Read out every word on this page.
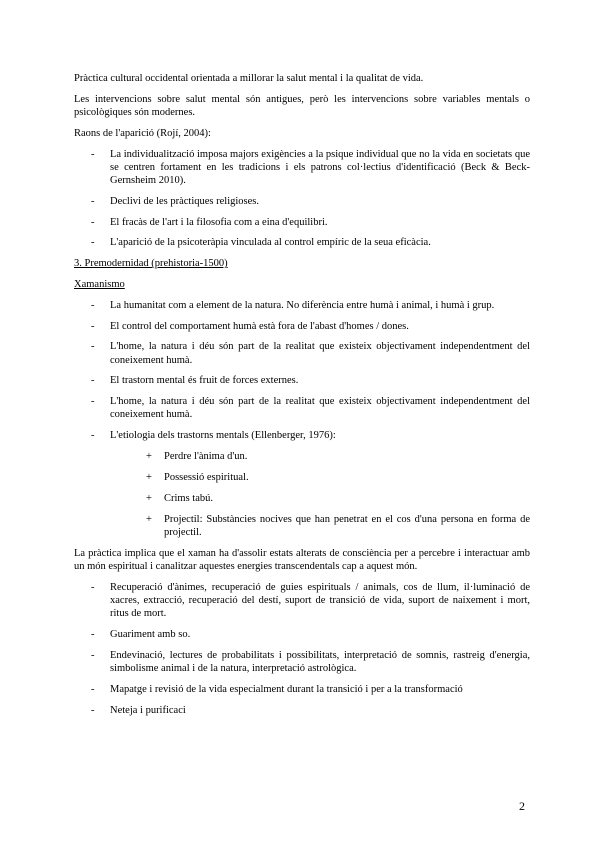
Pràctica cultural occidental orientada a millorar la salut mental i la qualitat de vida.

Les intervencions sobre salut mental són antigues, però les intervencions sobre variables mentals o psicològiques són modernes.

Raons de l'aparició (Rojí, 2004):

- La individualització imposa majors exigències a la psique individual que no la vida en societats que se centren fortament en les tradicions i els patrons col·lectius d'identificació (Beck & Beck-Gernsheim 2010).
- Declivi de les pràctiques religioses.
- El fracàs de l'art i la filosofia com a eina d'equilibri.
- L'aparició de la psicoteràpia vinculada al control empíric de la seua eficàcia.

3. Premodernidad (prehistoria-1500)

Xamanismo

- La humanitat com a element de la natura. No diferència entre humà i animal, i humà i grup.
- El control del comportament humà està fora de l'abast d'homes / dones.
- L'home, la natura i déu són part de la realitat que existeix objectivament independentment del coneixement humà.
- El trastorn mental és fruit de forces externes.
- L'home, la natura i déu són part de la realitat que existeix objectivament independentment del coneixement humà.
- L'etiologia dels trastorns mentals (Ellenberger, 1976):
+ Perdre l'ànima d'un.
+ Possessió espiritual.
+ Crims tabú.
+ Projectil: Substàncies nocives que han penetrat en el cos d'una persona en forma de projectil.

La pràctica implica que el xaman ha d'assolir estats alterats de consciència per a percebre i interactuar amb un món espiritual i canalitzar aquestes energies transcendentals cap a aquest món.

- Recuperació d'ànimes, recuperació de guies espirituals / animals, cos de llum, il·luminació de xacres, extracció, recuperació del destí, suport de transició de vida, suport de naixement i mort, ritus de mort.
- Guariment amb so.
- Endevinació, lectures de probabilitats i possibilitats, interpretació de somnis, rastreig d'energia, simbolisme animal i de la natura, interpretació astrològica.
- Mapatge i revisió de la vida especialment durant la transició i per a la transformació
- Neteja i purificaci
2
